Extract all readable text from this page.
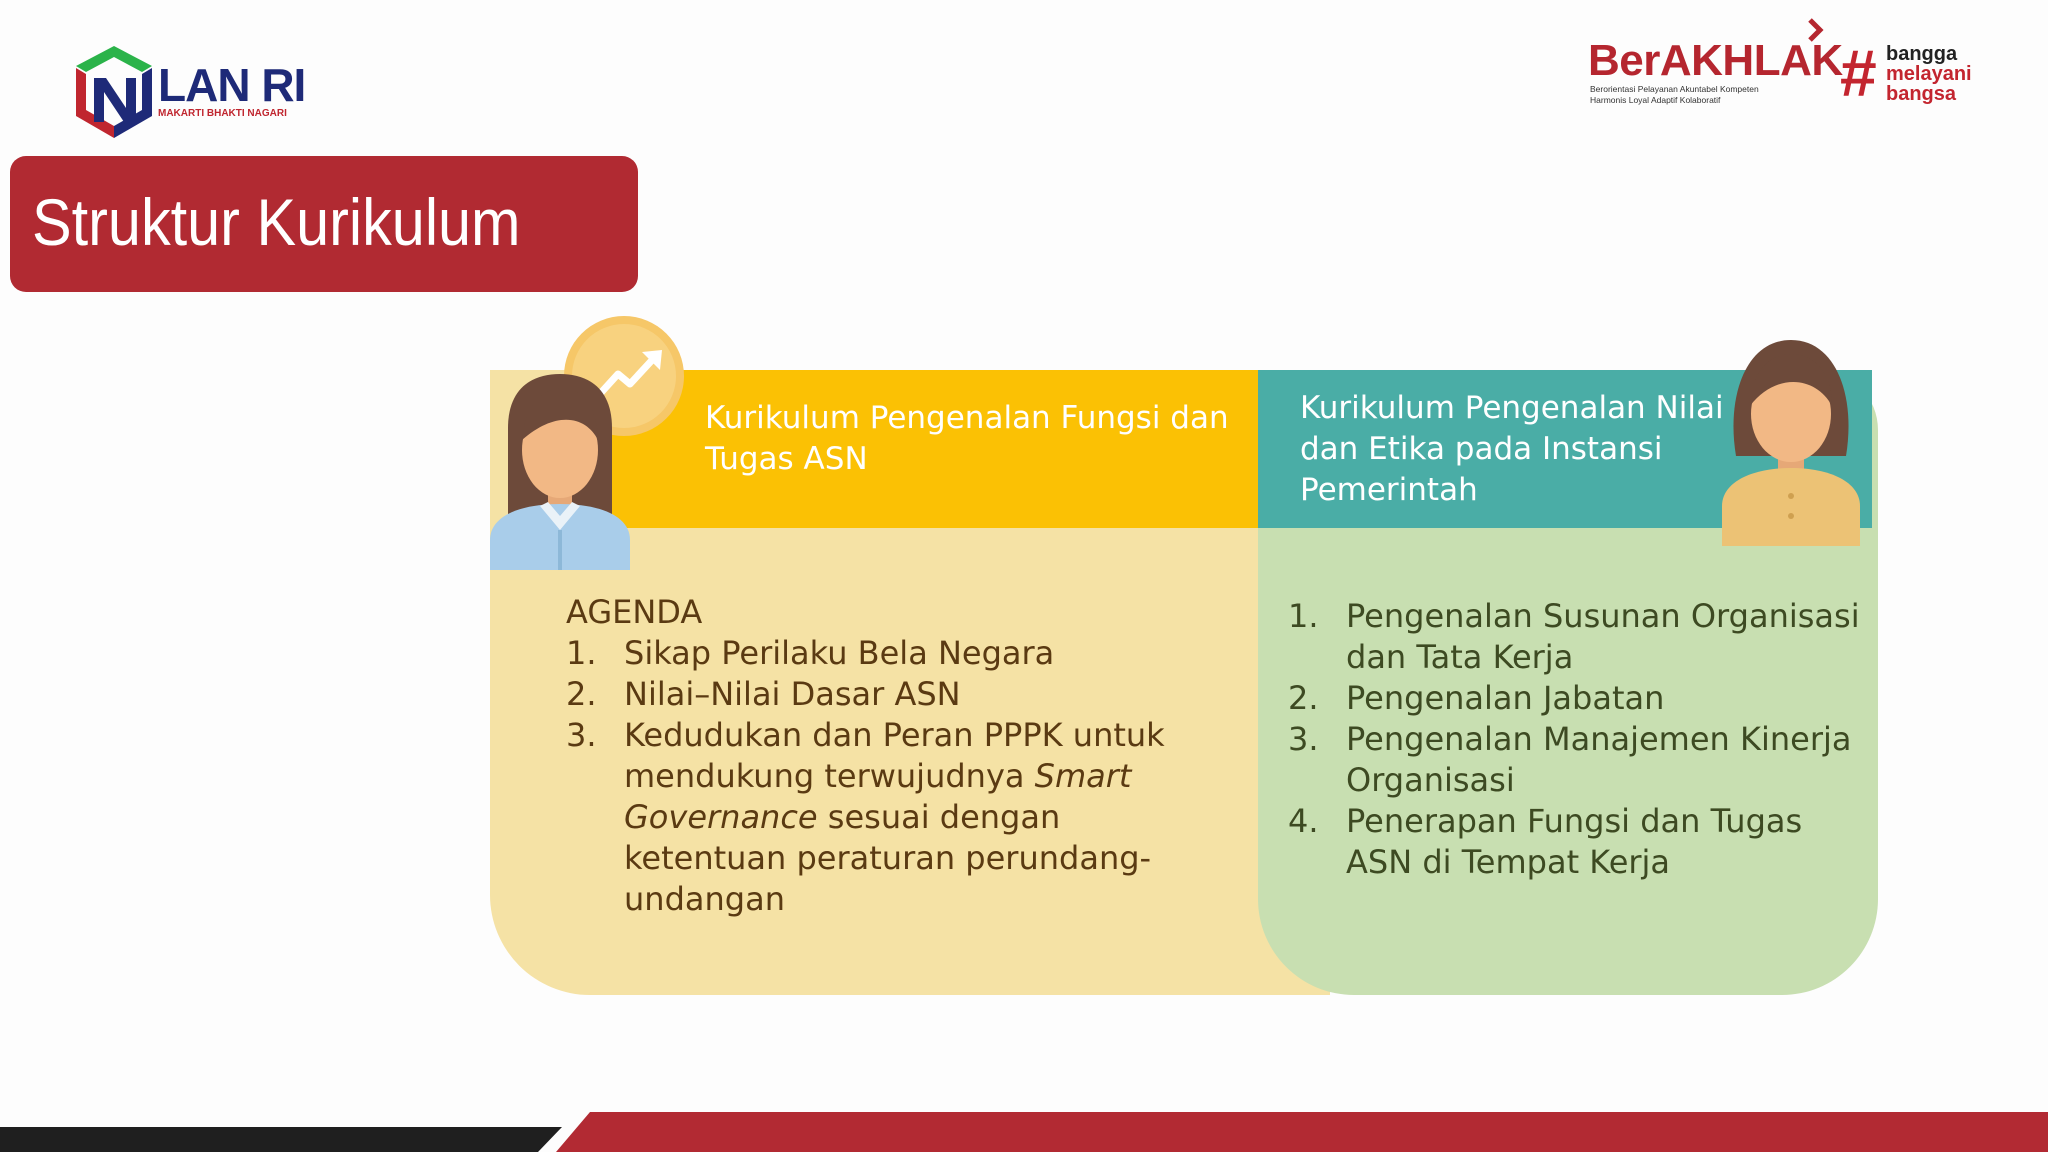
LAN RI
MAKARTI BHAKTI NAGARI
BerAKHLAK
Berorientasi Pelayanan Akuntabel Kompeten
Harmonis Loyal Adaptif Kolaboratif	# bangga
melayani
bangsa
Struktur Kurikulum
Kurikulum Pengenalan Fungsi dan Tugas ASN
Kurikulum Pengenalan Nilai dan Etika pada Instansi Pemerintah
AGENDA
1. Sikap Perilaku Bela Negara
2. Nilai–Nilai Dasar ASN
3. Kedudukan dan Peran PPPK untuk mendukung terwujudnya Smart Governance sesuai dengan ketentuan peraturan perundang-undangan
1. Pengenalan Susunan Organisasi dan Tata Kerja
2. Pengenalan Jabatan
3. Pengenalan Manajemen Kinerja Organisasi
4. Penerapan Fungsi dan Tugas ASN di Tempat Kerja
